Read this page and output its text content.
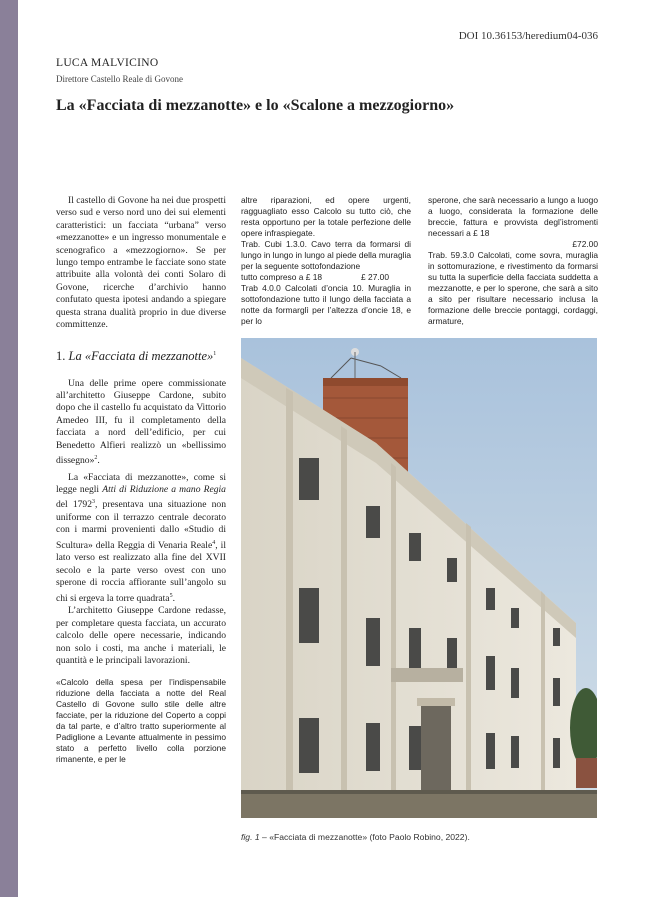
DOI 10.36153/heredium04-036
LUCA MALVICINO
Direttore Castello Reale di Govone
La «Facciata di mezzanotte» e lo «Scalone a mezzogiorno»

Il castello di Govone ha nei due prospetti verso sud e verso nord uno dei sui elementi caratteristici: un facciata “urbana” verso «mezzanotte» e un ingresso monumentale e scenografico a «mezzogiorno». Se per lungo tempo entrambe le facciate sono state attribuite alla volontà dei conti Solaro di Govone, ricerche d’archivio hanno confutato questa ipotesi andando a spiegare questa strana dualità proprio in due diverse committenze.

1. La «Facciata di mezzanotte»$^1$

Una delle prime opere commissionate all’architetto Giuseppe Cardone, subito dopo che il castello fu acquistato da Vittorio Amedeo III, fu il completamento della facciata a nord dell’edificio, per cui Benedetto Alfieri realizzò un «bellissimo dissegno»$^2$.

La «Facciata di mezzanotte», come si legge negli Atti di Riduzione a mano Regia del 1792$^3$, presentava una situazione non uniforme con il terrazzo centrale decorato con i marmi provenienti dallo «Studio di Scultura» della Reggia di Venaria Reale$^4$, il lato verso est realizzato alla fine del XVII secolo e la parte verso ovest con uno sperone di roccia affiorante sull’angolo su chi si ergeva la torre quadrata$^5$.

L’architetto Giuseppe Cardone redasse, per completare questa facciata, un accurato calcolo delle opere necessarie, indicando non solo i costi, ma anche i materiali, le quantità e le principali lavorazioni.

«Calcolo della spesa per l’indispensabile riduzione della facciata a notte del Real Castello di Govone sullo stile delle altre facciate, per la riduzione del Coperto a coppi da tal parte, e d’altro tratto superiormente al Padiglione a Levante attualmente in pessimo stato a perfetto livello colla porzione rimanente, e per le

altre riparazioni, ed opere urgenti, ragguagliato esso Calcolo su tutto ciò, che resta opportuno per la totale perfezione delle opere infraspiegate.

Trab. Cubi 1.3.0. Cavo terra da formarsi di lungo in lungo in lungo al piede della muraglia per la seguente sottofondazione

tutto compreso a £ 18	£ 27.00

Trab 4.0.0 Calcolati d’oncia 10. Muraglia in sottofondazione tutto il lungo della facciata a notte da formarglì per l’altezza d’oncie 18, e per lo

sperone, che sarà necessario a lungo a luogo a luogo, considerata la formazione delle breccie, fattura e provvista degl’istromenti necessari a £ 18

£72.00

Trab. 59.3.0 Calcolati, come sovra, muraglia in sottomurazione, e rivestimento da formarsi su tutta la superficie della facciata suddetta a mezzanotte, e per lo sperone, che sarà a sito a sito per risultare necessario inclusa la formazione delle breccie pontaggi, cordaggi, armature,

fig. 1 – «Facciata di mezzanotte» (foto Paolo Robino, 2022).
